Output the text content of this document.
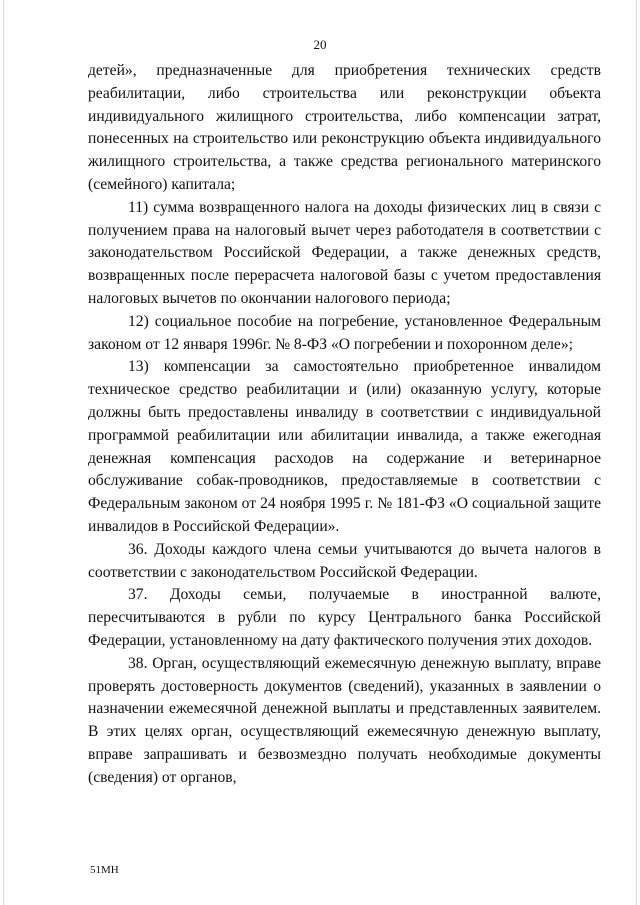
20

детей», предназначенные для приобретения технических средств реабилитации, либо строительства или реконструкции объекта индивидуального жилищного строительства, либо компенсации затрат, понесенных на строительство или реконструкцию объекта индивидуального жилищного строительства, а также средства регионального материнского (семейного) капитала;

11) сумма возвращенного налога на доходы физических лиц в связи с получением права на налоговый вычет через работодателя в соответствии с законодательством Российской Федерации, а также денежных средств, возвращенных после перерасчета налоговой базы с учетом предоставления налоговых вычетов по окончании налогового периода;

12) социальное пособие на погребение, установленное Федеральным законом от 12 января 1996г. № 8-ФЗ «О погребении и похоронном деле»;

13) компенсации за самостоятельно приобретенное инвалидом техническое средство реабилитации и (или) оказанную услугу, которые должны быть предоставлены инвалиду в соответствии с индивидуальной программой реабилитации или абилитации инвалида, а также ежегодная денежная компенсация расходов на содержание и ветеринарное обслуживание собак-проводников, предоставляемые в соответствии с Федеральным законом от 24 ноября 1995 г. № 181-ФЗ «О социальной защите инвалидов в Российской Федерации».

36. Доходы каждого члена семьи учитываются до вычета налогов в соответствии с законодательством Российской Федерации.

37. Доходы семьи, получаемые в иностранной валюте, пересчитываются в рубли по курсу Центрального банка Российской Федерации, установленному на дату фактического получения этих доходов.

38. Орган, осуществляющий ежемесячную денежную выплату, вправе проверять достоверность документов (сведений), указанных в заявлении о назначении ежемесячной денежной выплаты и представленных заявителем. В этих целях орган, осуществляющий ежемесячную денежную выплату, вправе запрашивать и безвозмездно получать необходимые документы (сведения) от органов,

51МН
